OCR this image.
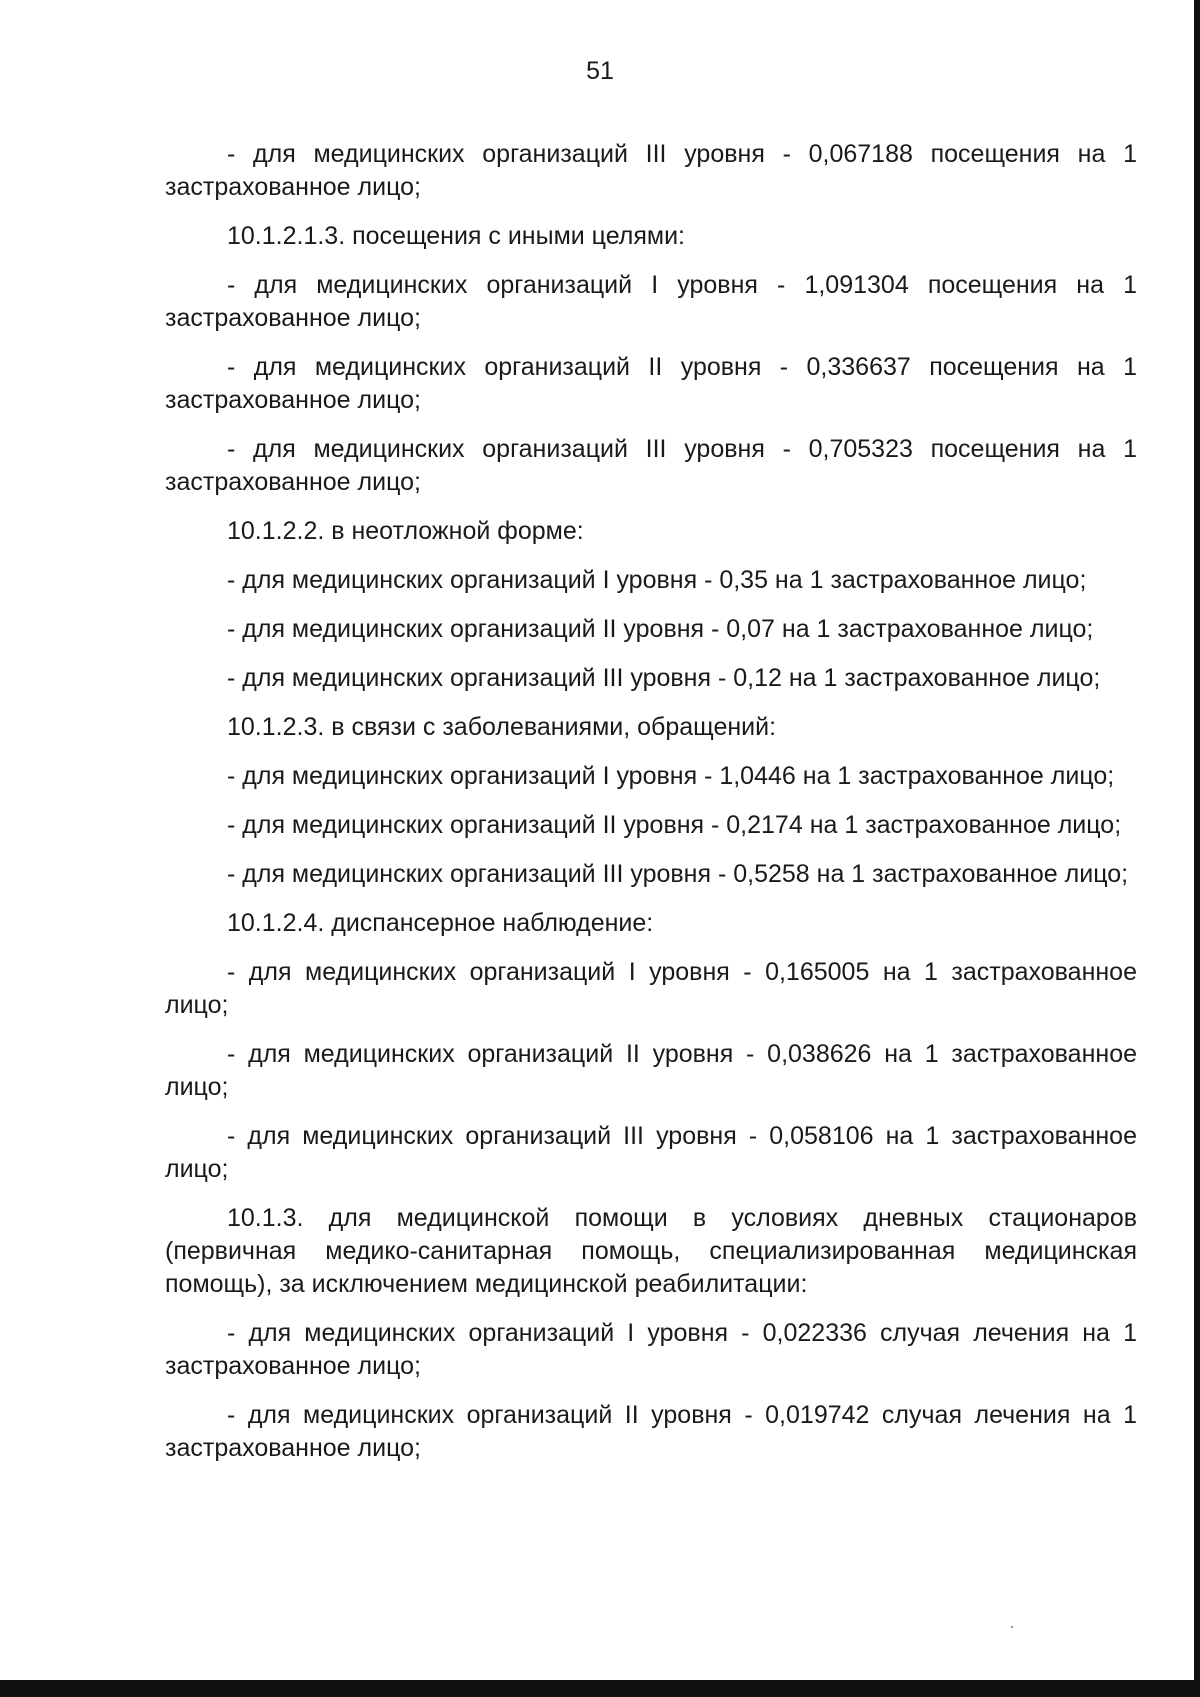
51

- для медицинских организаций III уровня - 0,067188 посещения на 1 застрахованное лицо;

10.1.2.1.3. посещения с иными целями:

- для медицинских организаций I уровня - 1,091304 посещения на 1 застрахованное лицо;

- для медицинских организаций II уровня - 0,336637 посещения на 1 застрахованное лицо;

- для медицинских организаций III уровня - 0,705323 посещения на 1 застрахованное лицо;

10.1.2.2. в неотложной форме:

- для медицинских организаций I уровня - 0,35 на 1 застрахованное лицо;

- для медицинских организаций II уровня - 0,07 на 1 застрахованное лицо;

- для медицинских организаций III уровня - 0,12 на 1 застрахованное лицо;

10.1.2.3. в связи с заболеваниями, обращений:

- для медицинских организаций I уровня - 1,0446 на 1 застрахованное лицо;

- для медицинских организаций II уровня - 0,2174 на 1 застрахованное лицо;

- для медицинских организаций III уровня - 0,5258 на 1 застрахованное лицо;

10.1.2.4. диспансерное наблюдение:

- для медицинских организаций I уровня - 0,165005 на 1 застрахованное лицо;

- для медицинских организаций II уровня - 0,038626 на 1 застрахованное лицо;

- для медицинских организаций III уровня - 0,058106 на 1 застрахованное лицо;

10.1.3. для медицинской помощи в условиях дневных стационаров (первичная медико-санитарная помощь, специализированная медицинская помощь), за исключением медицинской реабилитации:

- для медицинских организаций I уровня - 0,022336 случая лечения на 1 застрахованное лицо;

- для медицинских организаций II уровня - 0,019742 случая лечения на 1 застрахованное лицо;
